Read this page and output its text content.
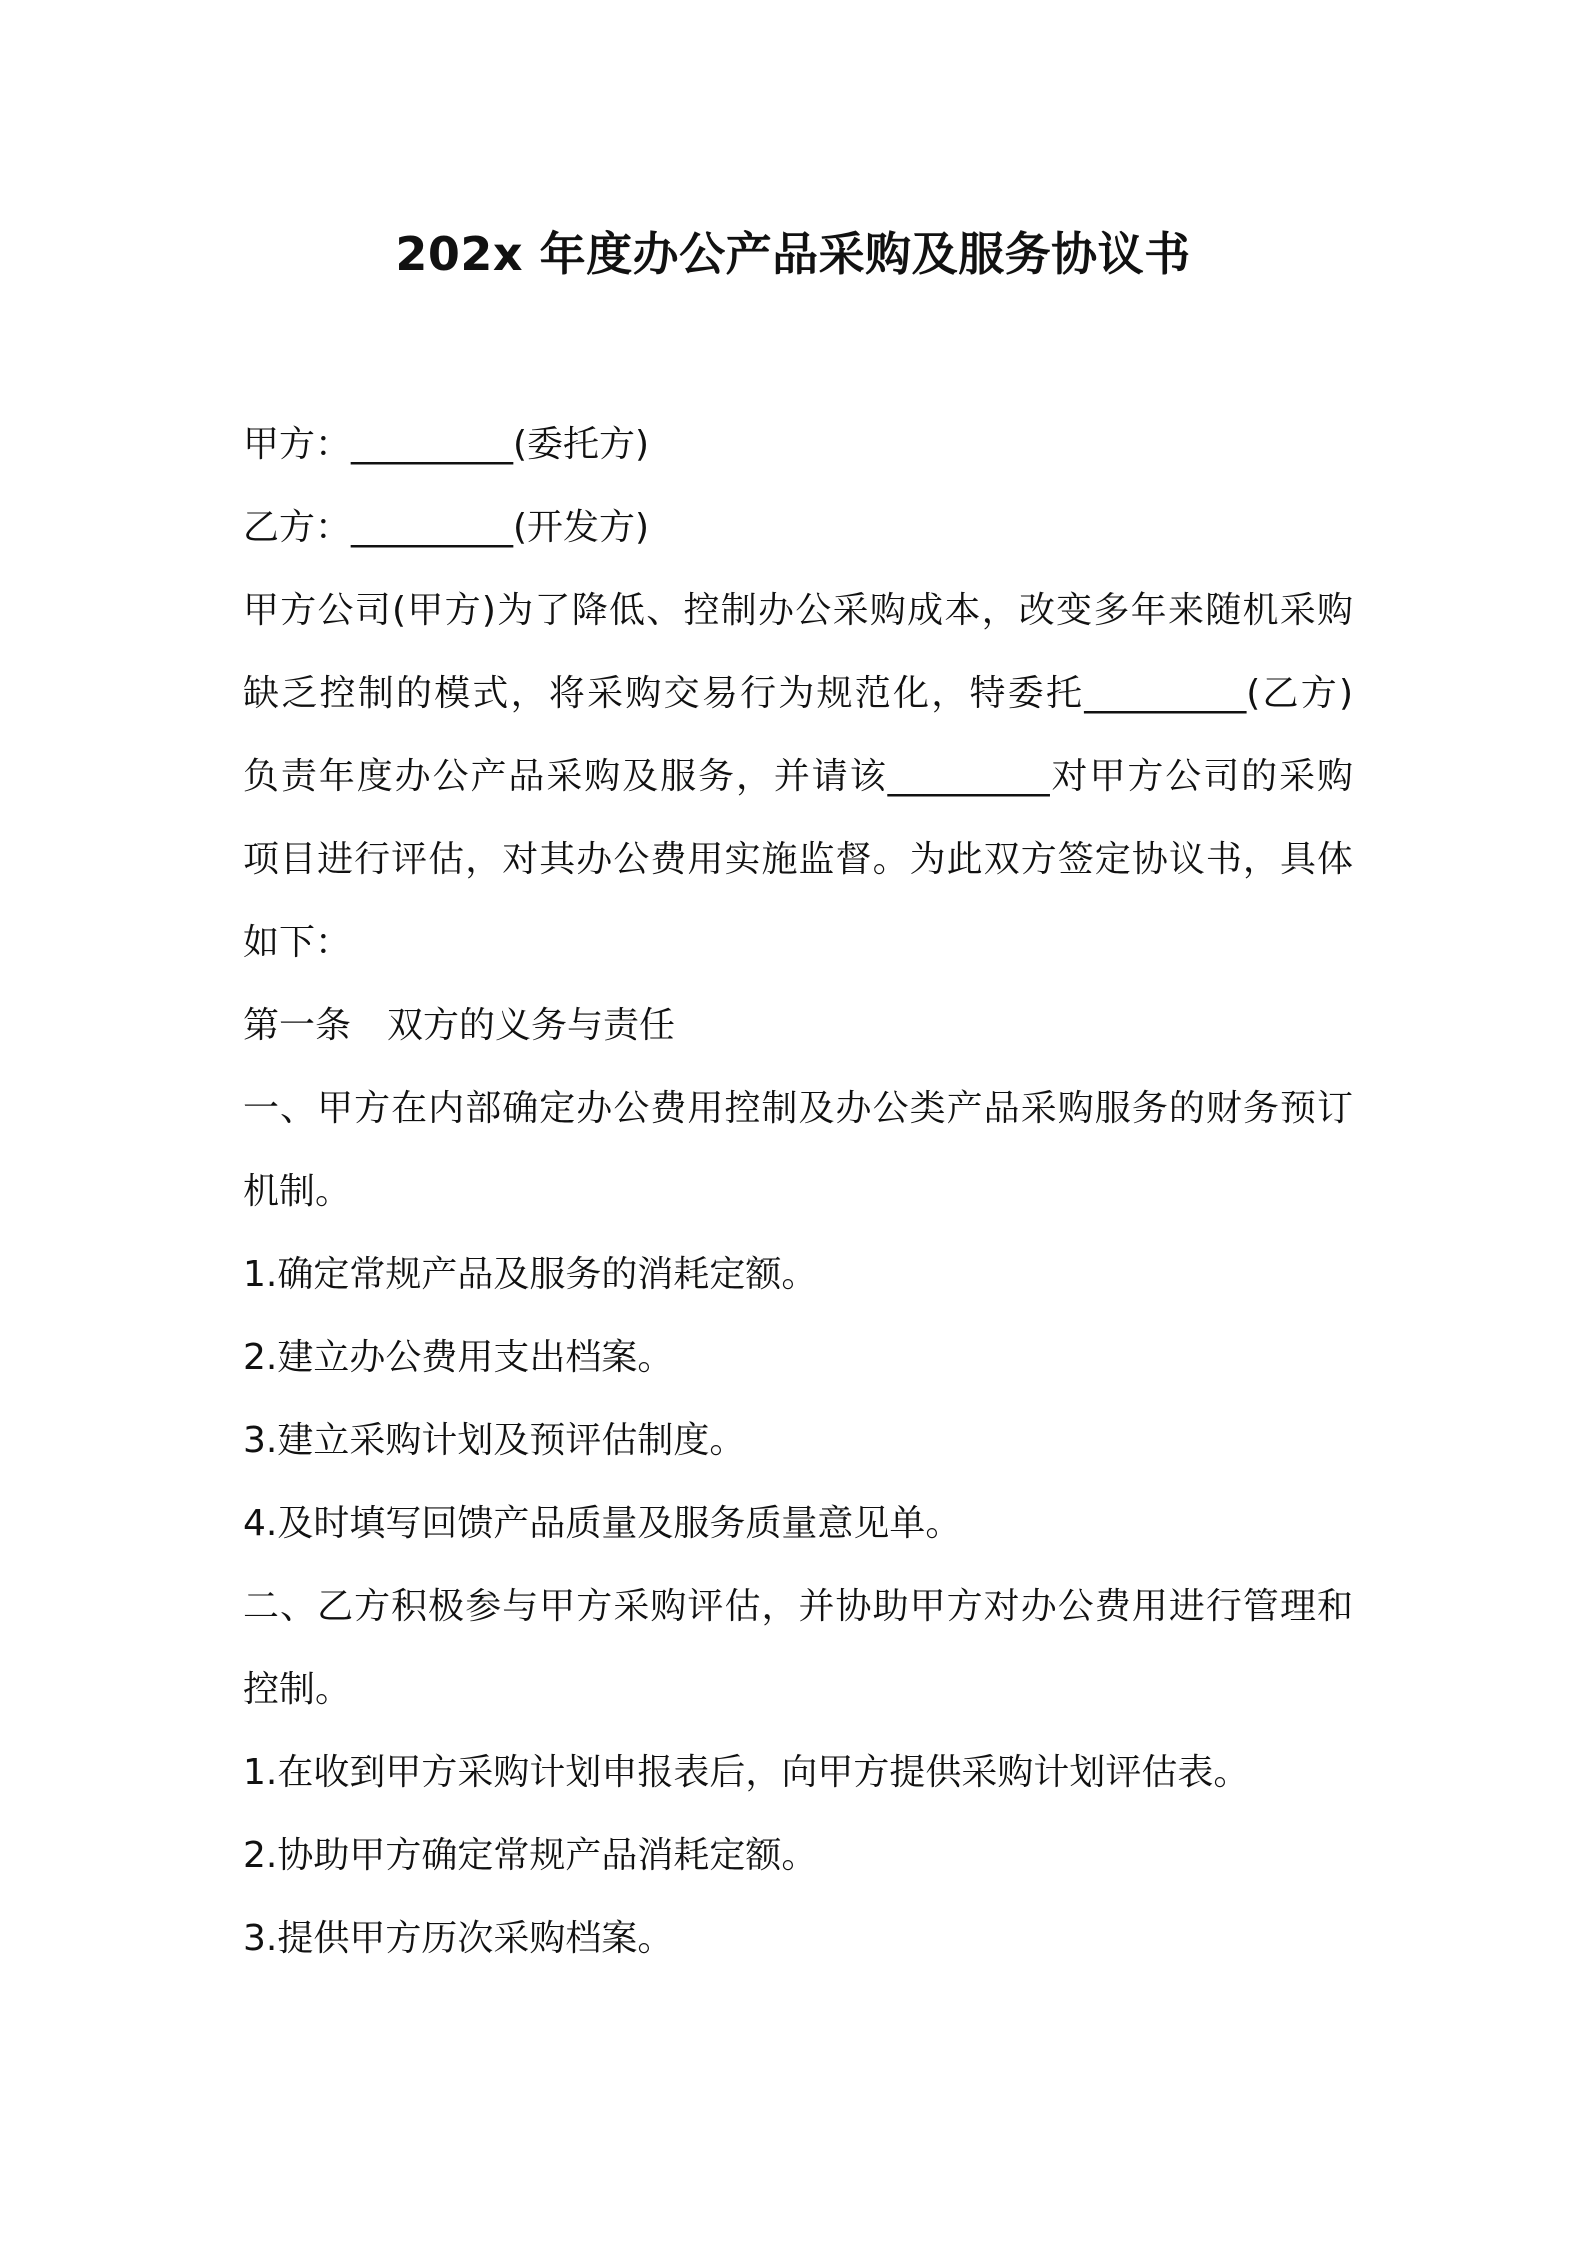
202x 年度办公产品采购及服务协议书

甲方：_________(委托方)

乙方：_________(开发方)

甲方公司(甲方)为了降低、控制办公采购成本，改变多年来随机采购

缺乏控制的模式，将采购交易行为规范化，特委托_________(乙方)

负责年度办公产品采购及服务，并请该_________对甲方公司的采购

项目进行评估，对其办公费用实施监督。为此双方签定协议书，具体

如下：

第一条　双方的义务与责任

一、甲方在内部确定办公费用控制及办公类产品采购服务的财务预订

机制。

1.确定常规产品及服务的消耗定额。

2.建立办公费用支出档案。

3.建立采购计划及预评估制度。

4.及时填写回馈产品质量及服务质量意见单。

二、乙方积极参与甲方采购评估，并协助甲方对办公费用进行管理和

控制。

1.在收到甲方采购计划申报表后，向甲方提供采购计划评估表。

2.协助甲方确定常规产品消耗定额。

3.提供甲方历次采购档案。
